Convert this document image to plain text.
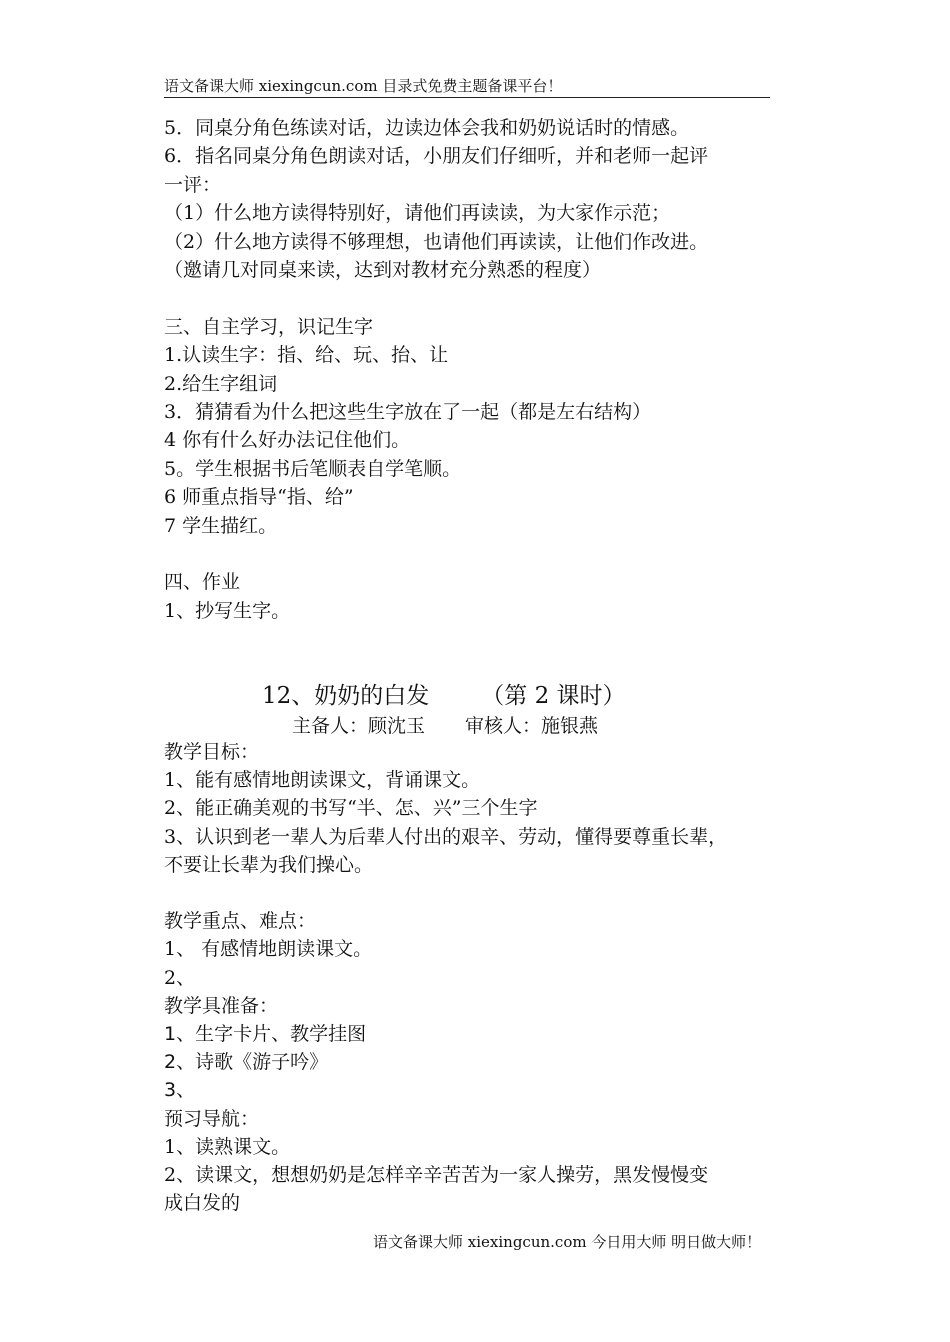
语文备课大师 xiexingcun.com 目录式免费主题备课平台！

5．同桌分角色练读对话，边读边体会我和奶奶说话时的情感。

6．指名同桌分角色朗读对话，小朋友们仔细听，并和老师一起评

一评：

（1）什么地方读得特别好，请他们再读读，为大家作示范；

（2）什么地方读得不够理想，也请他们再读读，让他们作改进。

（邀请几对同桌来读，达到对教材充分熟悉的程度）

三、自主学习，识记生字

1.认读生字：指、给、玩、抬、让

2.给生字组词

3．猜猜看为什么把这些生字放在了一起（都是左右结构）

4 你有什么好办法记住他们。

5。学生根据书后笔顺表自学笔顺。

6 师重点指导“指、给”

7 学生描红。

四、作业

1、抄写生字。

12、奶奶的白发 （第 2 课时）
主备人：顾沈玉 审核人：施银燕

教学目标：

1、能有感情地朗读课文，背诵课文。

2、能正确美观的书写“半、怎、兴”三个生字

3、认识到老一辈人为后辈人付出的艰辛、劳动，懂得要尊重长辈，

不要让长辈为我们操心。

教学重点、难点：

1、 有感情地朗读课文。

2、

教学具准备：

1、生字卡片、教学挂图

2、诗歌《游子吟》

3、

预习导航：

1、读熟课文。

2、读课文，想想奶奶是怎样辛辛苦苦为一家人操劳，黑发慢慢变

成白发的

语文备课大师 xiexingcun.com 今日用大师 明日做大师！
